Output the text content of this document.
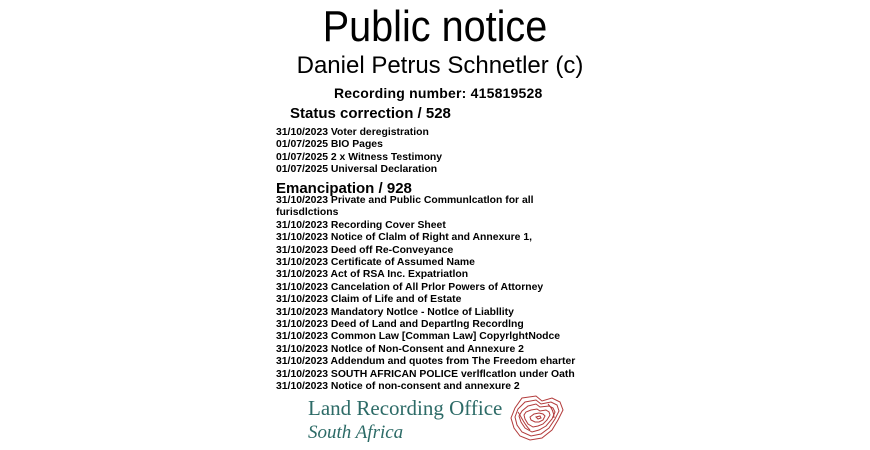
Public notice
Daniel Petrus Schnetler (c)
Recording number: 415819528
Status correction / 528
31/10/2023 Voter deregistration
01/07/2025 BIO Pages
01/07/2025 2 x Witness Testimony
01/07/2025 Universal Declaration
Emancipation / 928
31/10/2023 Private and Public Communlcatlon for all furisdlctions
31/10/2023 Recording Cover Sheet
31/10/2023 Notice of Clalm of Right and Annexure 1,
31/10/2023 Deed off Re-Conveyance
31/10/2023 Certificate of Assumed Name
31/10/2023 Act of RSA Inc. Expatriatlon
31/10/2023 Cancelation of All Prlor Powers of Attorney
31/10/2023 Claim of Life and of Estate
31/10/2023 Mandatory Notlce - Notlce of Liabllity
31/10/2023 Deed of Land and Departlng Recordlng
31/10/2023 Common Law [Comman Law] CopyrlghtNodce
31/10/2023 Notlce of Non-Consent and Annexure 2
31/10/2023 Addendum and quotes from The Freedom eharter
31/10/2023 SOUTH AFRICAN POLICE verlflcatlon under Oath
31/10/2023 Notice of non-consent and annexure 2
Land Recording Office
South Africa
